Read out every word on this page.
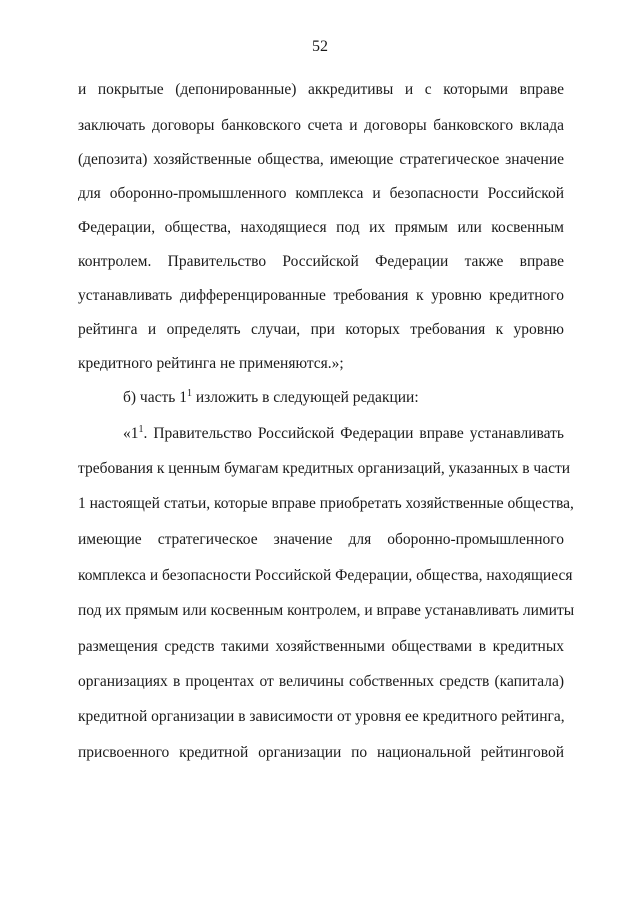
52
и покрытые (депонированные) аккредитивы и с которыми вправе
заключать договоры банковского счета и договоры банковского вклада
(депозита) хозяйственные общества, имеющие стратегическое значение
для оборонно-промышленного комплекса и безопасности Российской
Федерации, общества, находящиеся под их прямым или косвенным
контролем. Правительство Российской Федерации также вправе
устанавливать дифференцированные требования к уровню кредитного
рейтинга и определять случаи, при которых требования к уровню
кредитного рейтинга не применяются.»;
б) часть $1^1$ изложить в следующей редакции:
«$1^1$. Правительство Российской Федерации вправе устанавливать
требования к ценным бумагам кредитных организаций, указанных в части
1 настоящей статьи, которые вправе приобретать хозяйственные общества,
имеющие стратегическое значение для оборонно-промышленного
комплекса и безопасности Российской Федерации, общества, находящиеся
под их прямым или косвенным контролем, и вправе устанавливать лимиты
размещения средств такими хозяйственными обществами в кредитных
организациях в процентах от величины собственных средств (капитала)
кредитной организации в зависимости от уровня ее кредитного рейтинга,
присвоенного кредитной организации по национальной рейтинговой
